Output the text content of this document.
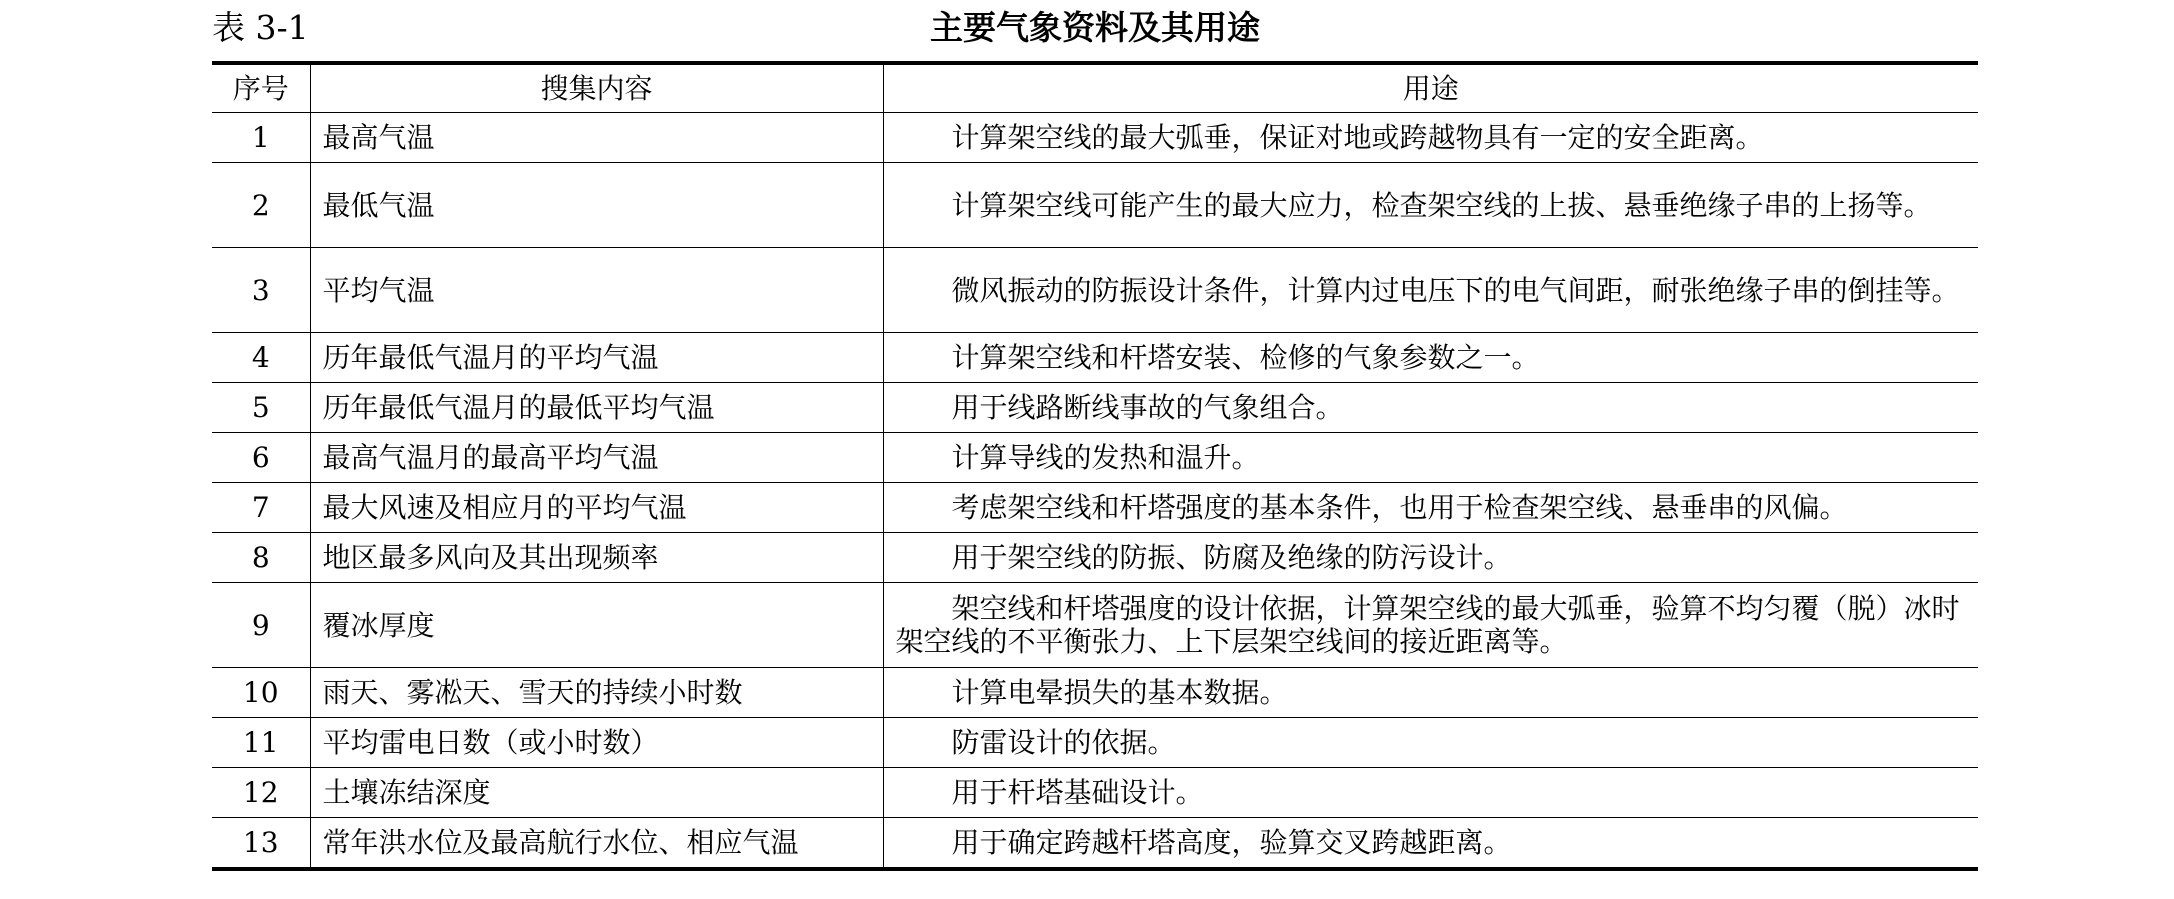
表 3-1	主要气象资料及其用途
序号	搜集内容	用途
1	最高气温	计算架空线的最大弧垂，保证对地或跨越物具有一定的安全距离。
2	最低气温	计算架空线可能产生的最大应力，检查架空线的上拔、悬垂绝缘子串的上扬等。
3	平均气温	微风振动的防振设计条件，计算内过电压下的电气间距，耐张绝缘子串的倒挂等。
4	历年最低气温月的平均气温	计算架空线和杆塔安装、检修的气象参数之一。
5	历年最低气温月的最低平均气温	用于线路断线事故的气象组合。
6	最高气温月的最高平均气温	计算导线的发热和温升。
7	最大风速及相应月的平均气温	考虑架空线和杆塔强度的基本条件，也用于检查架空线、悬垂串的风偏。
8	地区最多风向及其出现频率	用于架空线的防振、防腐及绝缘的防污设计。
9	覆冰厚度	架空线和杆塔强度的设计依据，计算架空线的最大弧垂，验算不均匀覆（脱）冰时架空线的不平衡张力、上下层架空线间的接近距离等。
10	雨天、雾凇天、雪天的持续小时数	计算电晕损失的基本数据。
11	平均雷电日数（或小时数）	防雷设计的依据。
12	土壤冻结深度	用于杆塔基础设计。
13	常年洪水位及最高航行水位、相应气温	用于确定跨越杆塔高度，验算交叉跨越距离。
